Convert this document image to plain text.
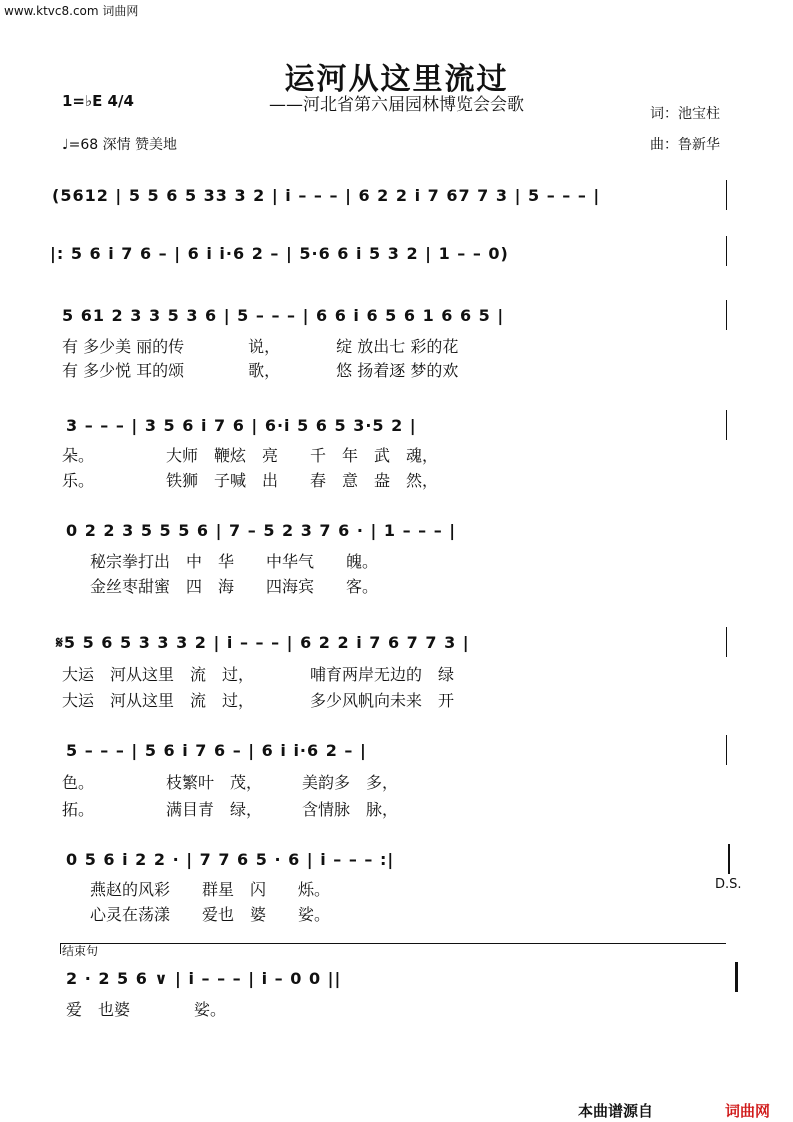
www.ktvc8.com 词曲网
运河从这里流过
——河北省第六届园林博览会会歌
1=♭E 4/4
♩=68 深情 赞美地
词：池宝柱
曲：鲁新华
(5612 | 5 5 6 5 33 3 2 | i – – – | 6 2 2 i 7 67 7 3 | 5 – – – |
|: 5 6 i 7 6 – | 6 i i·6 2 – | 5·6 6 i 5 3 2 | 1 – – 0)
5 61 2 3 3 5 3 6 | 5 – – – | 6 6 i 6 5 6 1 6 6 5 |
有 多少美 丽的传　　　　说，　　　　绽 放出七 彩的花
有 多少悦 耳的颂　　　　歌，　　　　悠 扬着逐 梦的欢
3 – – – | 3 5 6 i 7 6 | 6·i 5 6 5 3·5 2 |
朵。　　　　　大师　鞭炫　亮　　千　年　武　魂，
乐。　　　　　铁狮　子喊　出　　春　意　盎　然，
0 2 2 3 5 5 5 6 | 7 – 5 2 3 7 6 · | 1 – – – |
秘宗拳打出　中　华　　中华气　　魄。
金丝枣甜蜜　四　海　　四海宾　　客。
𝄋5 5 6 5 3 3 3 2 | i – – – | 6 2 2 i 7 6 7 7 3 |
大运　河从这里　流　过，　　　　哺育两岸无边的　绿
大运　河从这里　流　过，　　　　多少风帆向未来　开
5 – – – | 5 6 i 7 6 – | 6 i i·6 2 – |
色。　　　　　枝繁叶　茂，　　　美韵多　多，
拓。　　　　　满目青　绿，　　　含情脉　脉，
0 5 6 i 2 2 · | 7 7 6 5 · 6 | i – – – :|
燕赵的风彩　　群星　闪　　烁。
心灵在荡漾　　爱也　婆　　娑。
D.S.
结束句
2 · 2 5 6 ∨ | i – – – | i – 0 0 ||
爱　也婆　　　　娑。
本曲谱源自	词曲网
